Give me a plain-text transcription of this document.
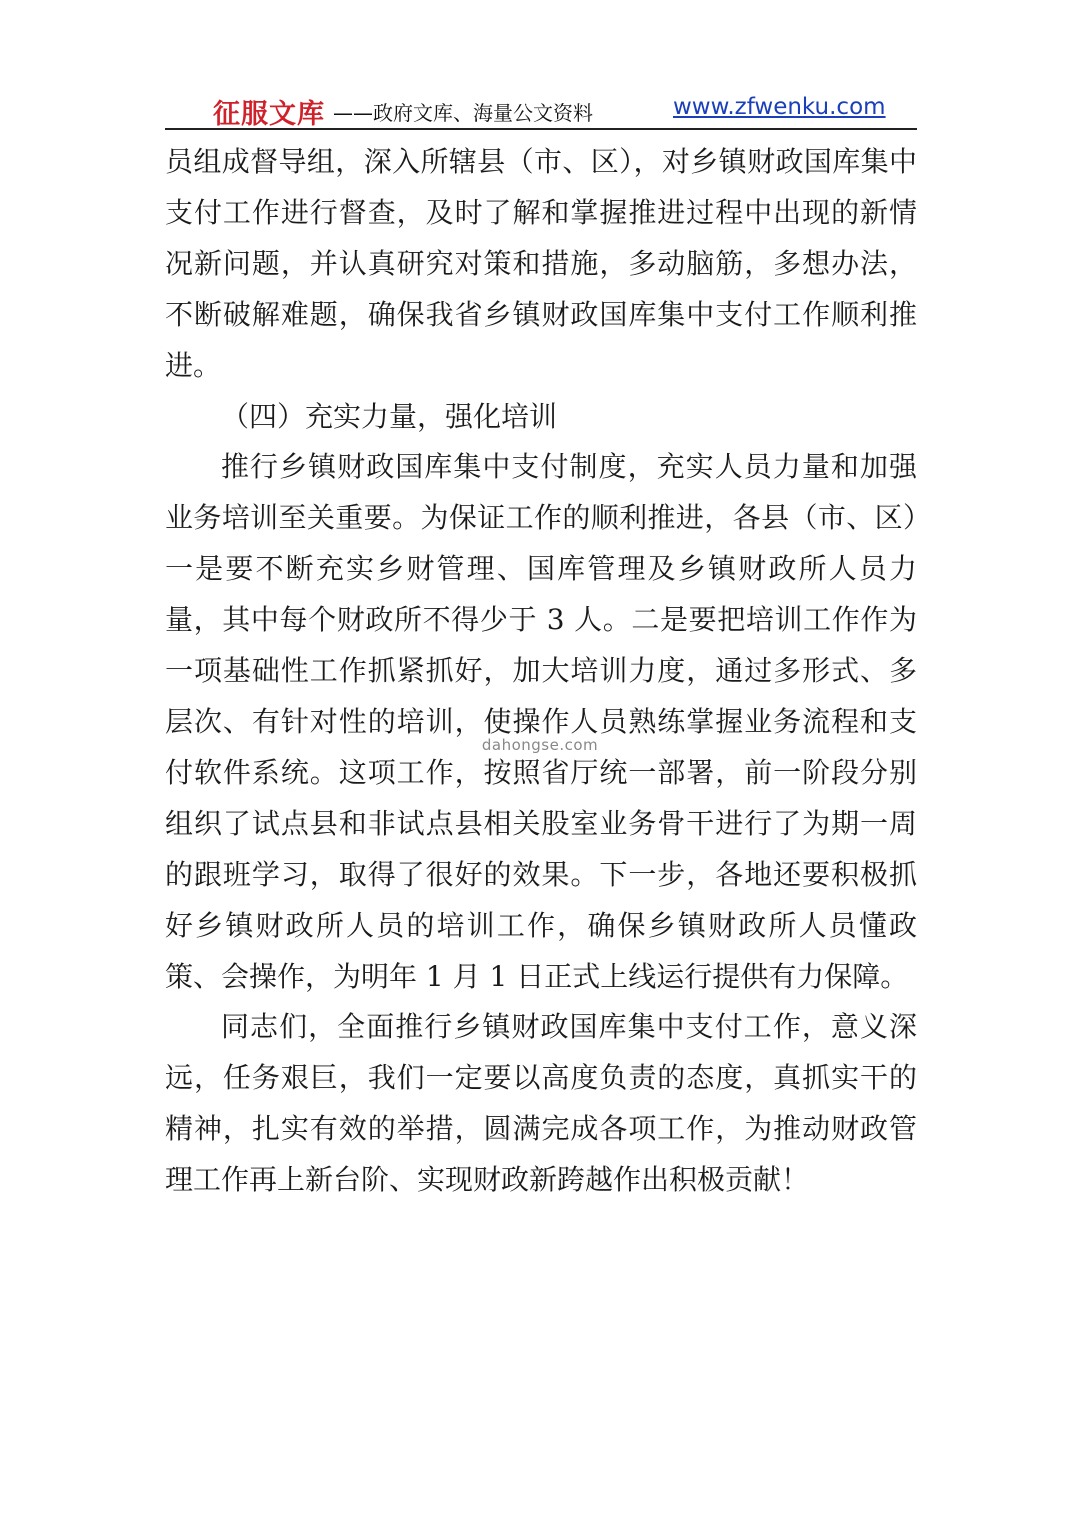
征服文库 ——政府文库、海量公文资料	www.zfwenku.com

员组成督导组，深入所辖县（市、区），对乡镇财政国库集中支付工作进行督查，及时了解和掌握推进过程中出现的新情况新问题，并认真研究对策和措施，多动脑筋，多想办法，不断破解难题，确保我省乡镇财政国库集中支付工作顺利推进。

（四）充实力量，强化培训

推行乡镇财政国库集中支付制度，充实人员力量和加强业务培训至关重要。为保证工作的顺利推进，各县（市、区）一是要不断充实乡财管理、国库管理及乡镇财政所人员力量，其中每个财政所不得少于 3 人。二是要把培训工作作为一项基础性工作抓紧抓好，加大培训力度，通过多形式、多层次、有针对性的培训，使操作人员熟练掌握业务流程和支付软件系统。这项工作，按照省厅统一部署，前一阶段分别组织了试点县和非试点县相关股室业务骨干进行了为期一周的跟班学习，取得了很好的效果。下一步，各地还要积极抓好乡镇财政所人员的培训工作，确保乡镇财政所人员懂政策、会操作，为明年 1 月 1 日正式上线运行提供有力保障。

同志们，全面推行乡镇财政国库集中支付工作，意义深远，任务艰巨，我们一定要以高度负责的态度，真抓实干的精神，扎实有效的举措，圆满完成各项工作，为推动财政管理工作再上新台阶、实现财政新跨越作出积极贡献！

dahongse.com
